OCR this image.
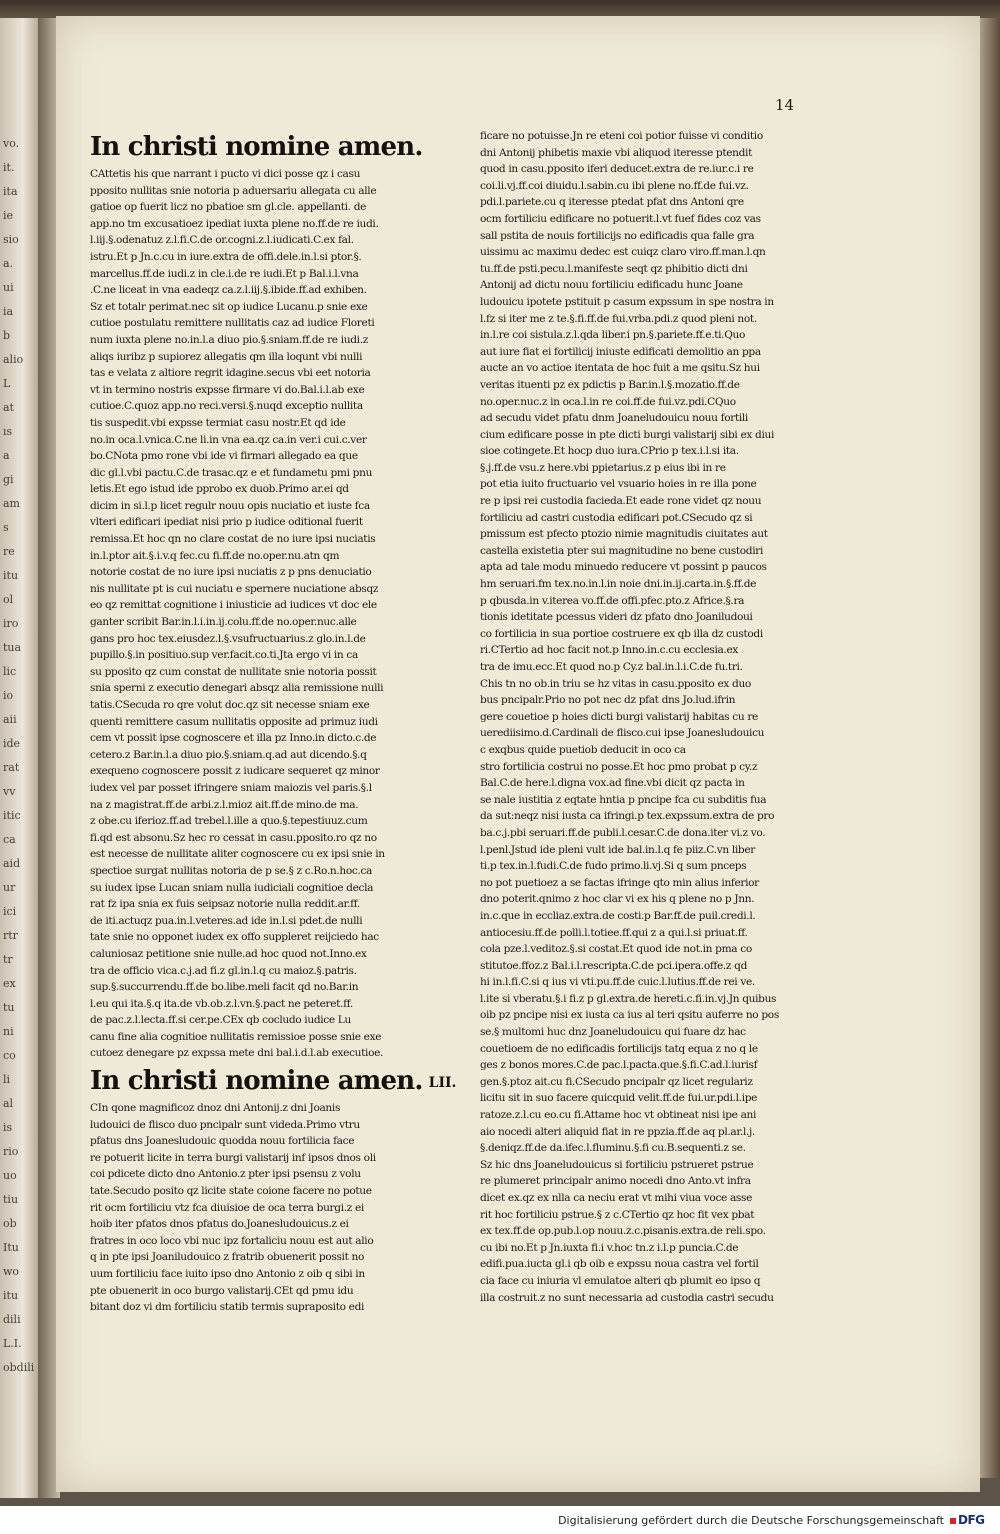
vo.
it.
ita
ie
sio
a.
ui
ia
b
alio
L
at
ıs
a
gi
am
s
re
itu
ol
iro
tua
lic
io
aii
ide
rat
vv
itic
ca
aid
ur
ici
rtr
tr
ex
tu
ni
co
li
al
is
rio
uo
tiu
ob
Itu
wo
itu
dili
L.I.
obdili
14
In christi nomine amen.
CAttetis his que narrant i pucto vi dici posse qz i casu
pposito nullitas snie notoria p aduersariu allegata cu alle
gatioe op fuerit licz no pbatioe sm gl.cle. appellanti. de
app.no tm excusatioez ipediat iuxta plene no.ff.de re iudi.
l.iij.§.odenatuz z.l.fi.C.de or.cogni.z.l.iudicati.C.ex fal.
istru.Et p Jn.c.cu in iure.extra de offi.dele.in.l.si ptor.§.
marcellus.ff.de iudi.z in cle.i.de re iudi.Et p Bal.i.l.vna
.C.ne liceat in vna eadeqz ca.z.l.iij.§.ibide.ff.ad exhiben.
Sz et totalr perimat.nec sit op iudice Lucanu.p snie exe
cutioe postulatu remittere nullitatis caz ad iudice Floreti
num iuxta plene no.in.l.a diuo pio.§.sniam.ff.de re iudi.z
aliqs iuribz p supiorez allegatis qm illa loqunt vbi nulli
tas e velata z altiore regrit idagine.secus vbi eet notoria
vt in termino nostris expsse firmare vi do.Bal.i.l.ab exe
cutioe.C.quoz app.no reci.versi.§.nuqd exceptio nullita
tis suspedit.vbi expsse termiat casu nostr.Et qd ide
no.in oca.l.vnica.C.ne li.in vna ea.qz ca.in ver.i cui.c.ver
bo.CNota pmo rone vbi ide vi firmari allegado ea que
dic gl.l.vbi pactu.C.de trasac.qz e et fundametu pmi pnu
letis.Et ego istud ide pprobo ex duob.Primo ar.ei qd
dicim in si.l.p licet regulr nouu opis nuciatio et iuste fca
vlteri edificari ipediat nisi prio p iudice oditional fuerit
remissa.Et hoc qn no clare costat de no iure ipsi nuciatis
in.l.ptor ait.§.i.v.q fec.cu fi.ff.de no.oper.nu.atn qm
notorie costat de no iure ipsi nuciatis z p pns denuciatio
nis nullitate pt is cui nuciatu e spernere nuciatione absqz
eo qz remittat cognitione i iniusticie ad iudices vt doc ele
ganter scribit Bar.in.l.i.in.ij.colu.ff.de no.oper.nuc.alle
gans pro hoc tex.eiusdez.l.§.vsufructuarius.z glo.in.l.de
pupillo.§.in positiuo.sup ver.facit.co.ti.Jta ergo vi in ca
su pposito qz cum constat de nullitate snie notoria possit
snia sperni z executio denegari absqz alia remissione nulli
tatis.CSecuda ro qre volut doc.qz sit necesse sniam exe
quenti remittere casum nullitatis opposite ad primuz iudi
cem vt possit ipse cognoscere et illa pz Inno.in dicto.c.de
cetero.z Bar.in.l.a diuo pio.§.sniam.q.ad aut dicendo.§.q
exequeno cognoscere possit z iudicare sequeret qz minor
iudex vel par posset ifringere sniam maiozis vel paris.§.l
na z magistrat.ff.de arbi.z.l.mioz ait.ff.de mino.de ma.
z obe.cu iferioz.ff.ad trebel.l.ille a quo.§.tepestiuuz.cum
fi.qd est absonu.Sz hec ro cessat in casu.pposito.ro qz no
est necesse de nullitate aliter cognoscere cu ex ipsi snie in
spectioe surgat nullitas notoria de p se.§ z c.Ro.n.hoc.ca
su iudex ipse Lucan sniam nulla iudiciali cognitioe decla
rat fz ipa snia ex fuis seipsaz notorie nulla reddit.ar.ff.
de iti.actuqz pua.in.l.veteres.ad ide in.l.si pdet.de nulli
tate snie no opponet iudex ex offo suppleret reijciedo hac
caluniosaz petitione snie nulle.ad hoc quod not.Inno.ex
tra de officio vica.c.j.ad fi.z gl.in.l.q cu maioz.§.patris.
sup.§.succurrendu.ff.de bo.libe.meli facit qd no.Bar.in
l.eu qui ita.§.q ita.de vb.ob.z.l.vn.§.pact ne peteret.ff.
de pac.z.l.lecta.ff.si cer.pe.CEx qb cocludo iudice Lu
canu fine alia cognitioe nullitatis remissioe posse snie exe
cutoez denegare pz expssa mete dni bal.i.d.l.ab executioe.
In christi nomine amen. $^{LII.}$
CIn qone magnificoz dnoz dni Antonij.z dni Joanis
ludouici de flisco duo pncipalr sunt videda.Primo vtru
pfatus dns Joanesludouic quodda nouu fortilicia face
re potuerit licite in terra burgi valistarij inf ipsos dnos oli
coi pdicete dicto dno Antonio.z pter ipsi psensu z volu
tate.Secudo posito qz licite state coione facere no potue
rit ocm fortiliciu vtz fca diuisioe de oca terra burgi.z ei
hoib iter pfatos dnos pfatus do.Joanesludouicus.z ei
fratres in oco loco vbi nuc ipz fortaliciu nouu est aut alio
q in pte ipsi Joaniludouico z fratrib obuenerit possit no
uum fortiliciu face iuito ipso dno Antonio z oib q sibi in
pte obuenerit in oco burgo valistarij.CEt qd pmu idu
bitant doz vi dm fortiliciu statib termis supraposito edi
ficare no potuisse.Jn re eteni coi potior fuisse vi conditio
dni Antonij phibetis maxie vbi aliquod iteresse ptendit
quod in casu.pposito iferi deducet.extra de re.iur.c.i re
coi.li.vj.ff.coi diuidu.l.sabin.cu ibi plene no.ff.de fui.vz.
pdi.l.pariete.cu q iteresse ptedat pfat dns Antoni qre
ocm fortiliciu edificare no potuerit.l.vt fuef fides coz vas
sall pstita de nouis fortilicijs no edificadis qua falle gra
uissimu ac maximu dedec est cuiqz claro viro.ff.man.l.qn
tu.ff.de psti.pecu.l.manifeste seqt qz phibitio dicti dni
Antonij ad dictu nouu fortiliciu edificadu hunc Joane
ludouicu ipotete pstituit p casum expssum in spe nostra in
l.fz si iter me z te.§.fi.ff.de fui.vrba.pdi.z quod pleni not.
in.l.re coi sistula.z.l.qda liber.i pn.§.pariete.ff.e.ti.Quo
aut iure fiat ei fortilicij iniuste edificati demolitio an ppa
aucte an vo actioe itentata de hoc fuit a me qsitu.Sz hui
veritas ituenti pz ex pdictis p Bar.in.l.§.mozatio.ff.de
no.oper.nuc.z in oca.l.in re coi.ff.de fui.vz.pdi.CQuo
ad secudu videt pfatu dnm Joaneludouicu nouu fortili
cium edificare posse in pte dicti burgi valistarij sibi ex diui
sioe cotingete.Et hocp duo iura.CPrio p tex.i.l.si ita.
§.j.ff.de vsu.z here.vbi ppietarius.z p eius ibi in re
pot etia iuito fructuario vel vsuario hoies in re illa pone
re p ipsi rei custodia facieda.Et eade rone videt qz nouu
fortiliciu ad castri custodia edificari pot.CSecudo qz si
pmissum est pfecto ptozio nimie magnitudis ciuitates aut
castella existetia pter sui magnitudine no bene custodiri
apta ad tale modu minuedo reducere vt possint p paucos
hm seruari.fm tex.no.in.l.in noie dni.in.ij.carta.in.§.ff.de
p qbusda.in v.iterea vo.ff.de offi.pfec.pto.z Africe.§.ra
tionis idetitate pcessus videri dz pfato dno Joaniludoui
co fortilicia in sua portioe costruere ex qb illa dz custodi
ri.CTertio ad hoc facit not.p Inno.in.c.cu ecclesia.ex
tra de imu.ecc.Et quod no.p Cy.z bal.in.l.i.C.de fu.tri.
Chis tn no ob.in triu se hz vitas in casu.pposito ex duo
bus pncipalr.Prio no pot nec dz pfat dns Jo.lud.ifrin
gere couetioe p hoies dicti burgi valistarij habitas cu re
uerediisimo.d.Cardinali de flisco.cui ipse Joanesludouicu
c exqbus quide puetiob deducit in oco ca
stro fortilicia costrui no posse.Et hoc pmo probat p cy.z
Bal.C.de here.l.digna vox.ad fine.vbi dicit qz pacta in
se nale iustitia z eqtate hntia p pncipe fca cu subditis fua
da sut:neqz nisi iusta ca ifringi.p tex.expssum.extra de pro
ba.c.j.pbi seruari.ff.de publi.l.cesar.C.de dona.iter vi.z vo.
l.penl.Jstud ide pleni vult ide bal.in.l.q fe piiz.C.vn liber
ti.p tex.in.l.fudi.C.de fudo primo.li.vj.Si q sum pnceps
no pot puetioez a se factas ifringe qto min alius inferior
dno poterit.qnimo z hoc clar vi ex his q plene no p Jnn.
in.c.que in eccliaz.extra.de costi.p Bar.ff.de puil.credi.l.
antiocesiu.ff.de polli.l.totiee.ff.qui z a qui.l.si priuat.ff.
cola pze.l.veditoz.§.si costat.Et quod ide not.in pma co
stitutoe.ffoz.z Bal.i.l.rescripta.C.de pci.ipera.offe.z qd
hi in.l.fi.C.si q ius vi vti.pu.ff.de cuic.l.lutius.ff.de rei ve.
l.ite si vberatu.§.i fi.z p gl.extra.de hereti.c.fi.in.vj.Jn quibus
oib pz pncipe nisi ex iusta ca ius al teri qsitu auferre no pos
se.§ multomi huc dnz Joaneludouicu qui fuare dz hac
couetioem de no edificadis fortilicijs tatq equa z no q le
ges z bonos mores.C.de pac.l.pacta.que.§.fi.C.ad.l.iurisf
gen.§.ptoz ait.cu fi.CSecudo pncipalr qz licet regulariz
licitu sit in suo facere quicquid velit.ff.de fui.ur.pdi.l.ipe
ratoze.z.l.cu eo.cu fi.Attame hoc vt obtineat nisi ipe ani
aio nocedi alteri aliquid fiat in re ppzia.ff.de aq pl.ar.l.j.
§.deniqz.ff.de da.ifec.l.fluminu.§.fi cu.B.sequenti.z se.
Sz hic dns Joaneludouicus si fortiliciu pstrueret pstrue
re plumeret principalr animo nocedi dno Anto.vt infra
dicet ex.qz ex nlla ca neciu erat vt mihi viua voce asse
rit hoc fortiliciu pstrue.§ z c.CTertio qz hoc fit vex pbat
ex tex.ff.de op.pub.l.op nouu.z.c.pisanis.extra.de reli.spo.
cu ibi no.Et p Jn.iuxta fi.i v.hoc tn.z i.l.p puncia.C.de
edifi.pua.iucta gl.i qb oib e expssu noua castra vel fortil
cia face cu iniuria vl emulatoe alteri qb plumit eo ipso q
illa costruit.z no sunt necessaria ad custodia castri secudu
Digitalisierung gefördert durch die Deutsche Forschungsgemeinschaft	DFG
